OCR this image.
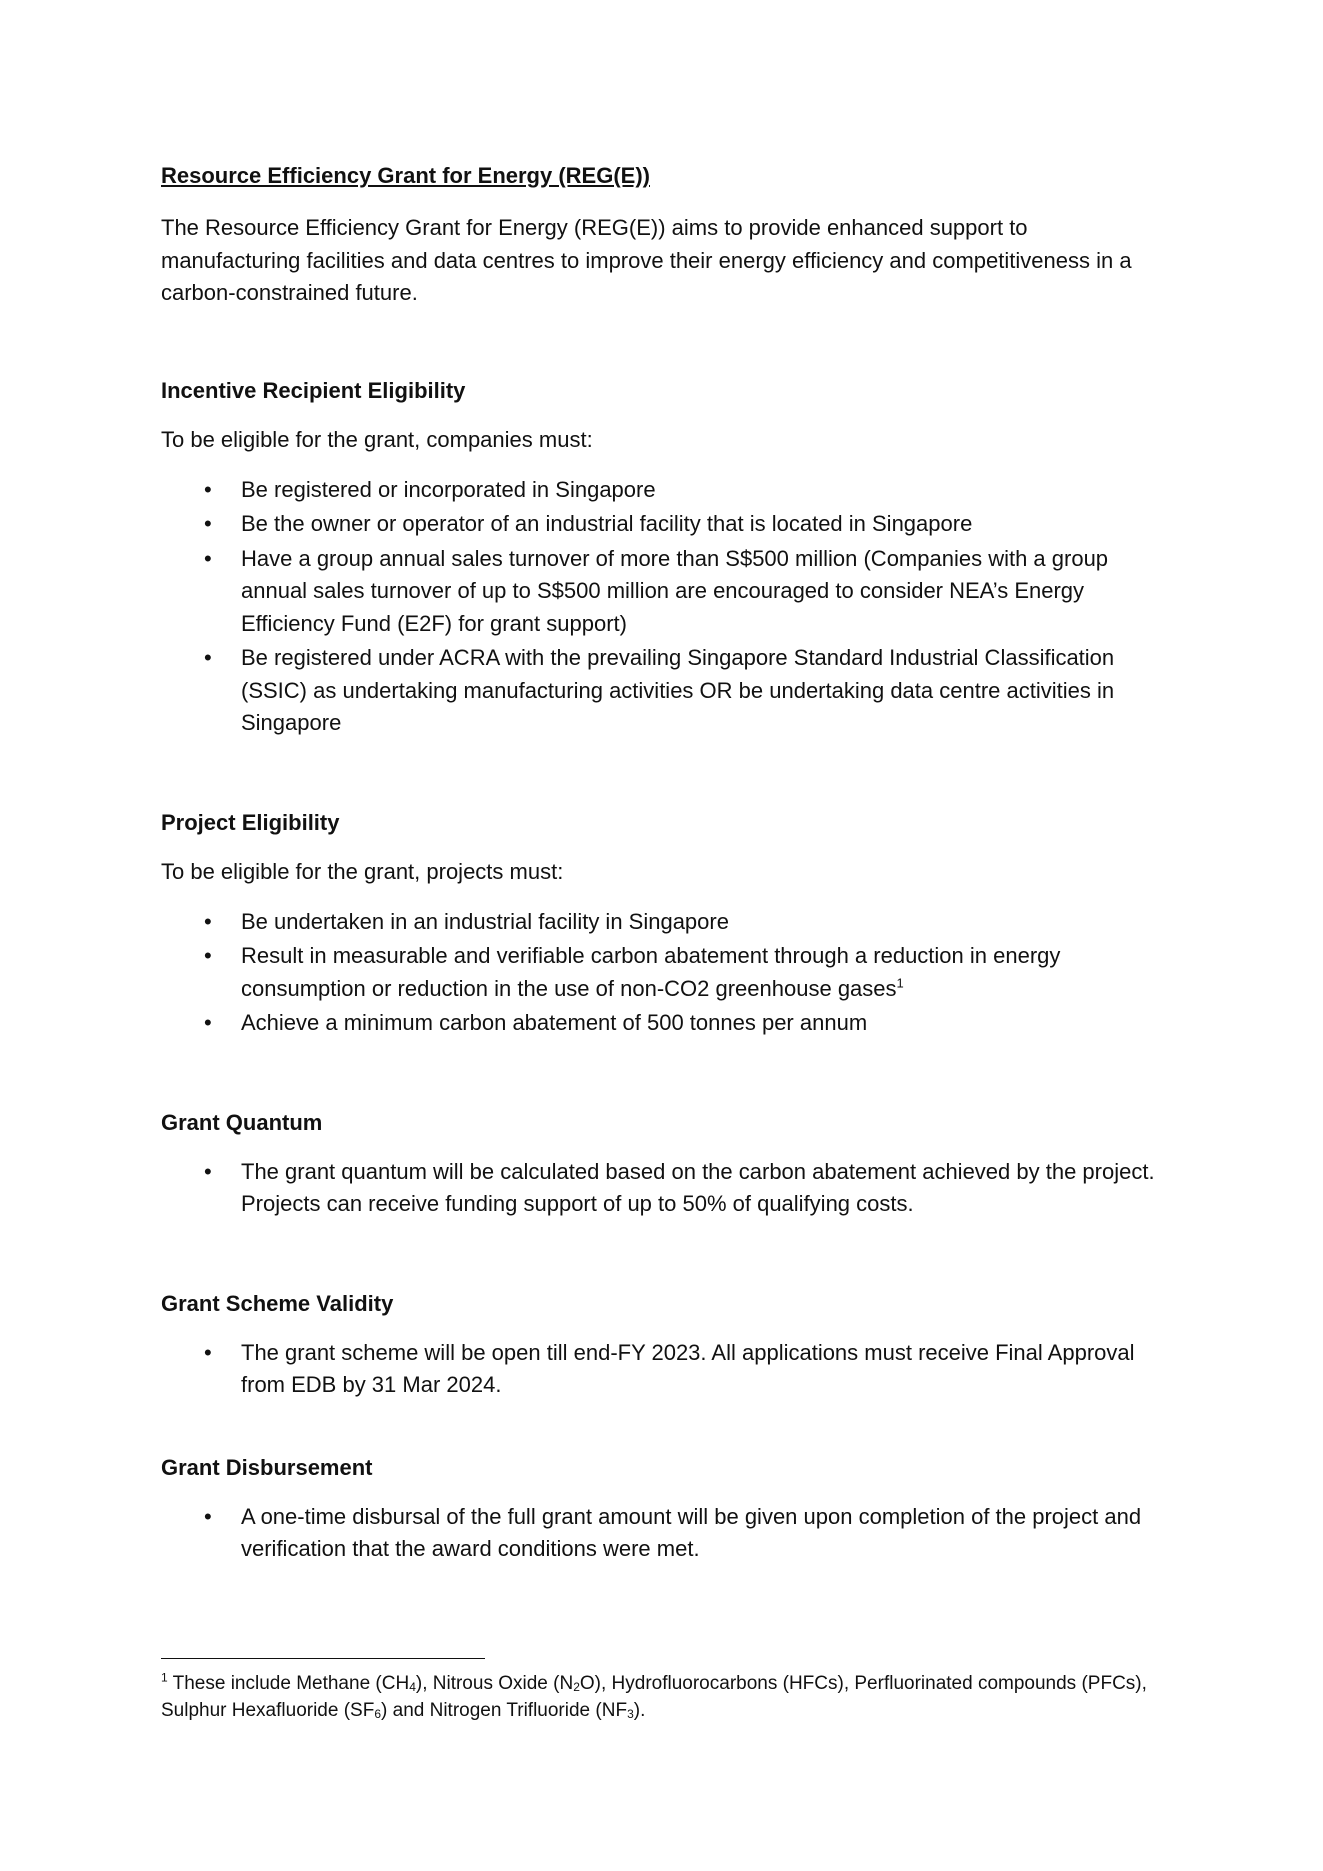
Resource Efficiency Grant for Energy (REG(E))

The Resource Efficiency Grant for Energy (REG(E)) aims to provide enhanced support to manufacturing facilities and data centres to improve their energy efficiency and competitiveness in a carbon-constrained future.

Incentive Recipient Eligibility
To be eligible for the grant, companies must:
• Be registered or incorporated in Singapore
• Be the owner or operator of an industrial facility that is located in Singapore
• Have a group annual sales turnover of more than S$500 million (Companies with a group annual sales turnover of up to S$500 million are encouraged to consider NEA’s Energy Efficiency Fund (E2F) for grant support)
• Be registered under ACRA with the prevailing Singapore Standard Industrial Classification (SSIC) as undertaking manufacturing activities OR be undertaking data centre activities in Singapore
Project Eligibility
To be eligible for the grant, projects must:
• Be undertaken in an industrial facility in Singapore
• Result in measurable and verifiable carbon abatement through a reduction in energy consumption or reduction in the use of non-CO2 greenhouse gases$^1$
• Achieve a minimum carbon abatement of 500 tonnes per annum
Grant Quantum
• The grant quantum will be calculated based on the carbon abatement achieved by the project. Projects can receive funding support of up to 50% of qualifying costs.
Grant Scheme Validity
• The grant scheme will be open till end-FY 2023. All applications must receive Final Approval from EDB by 31 Mar 2024.
Grant Disbursement
• A one-time disbursal of the full grant amount will be given upon completion of the project and verification that the award conditions were met.
$^1$ These include Methane $(CH_4)$, Nitrous Oxide $(N_2O)$, Hydrofluorocarbons (HFCs), Perfluorinated compounds (PFCs), Sulphur Hexafluoride $(SF_6)$ and Nitrogen Trifluoride $(NF_3)$.
